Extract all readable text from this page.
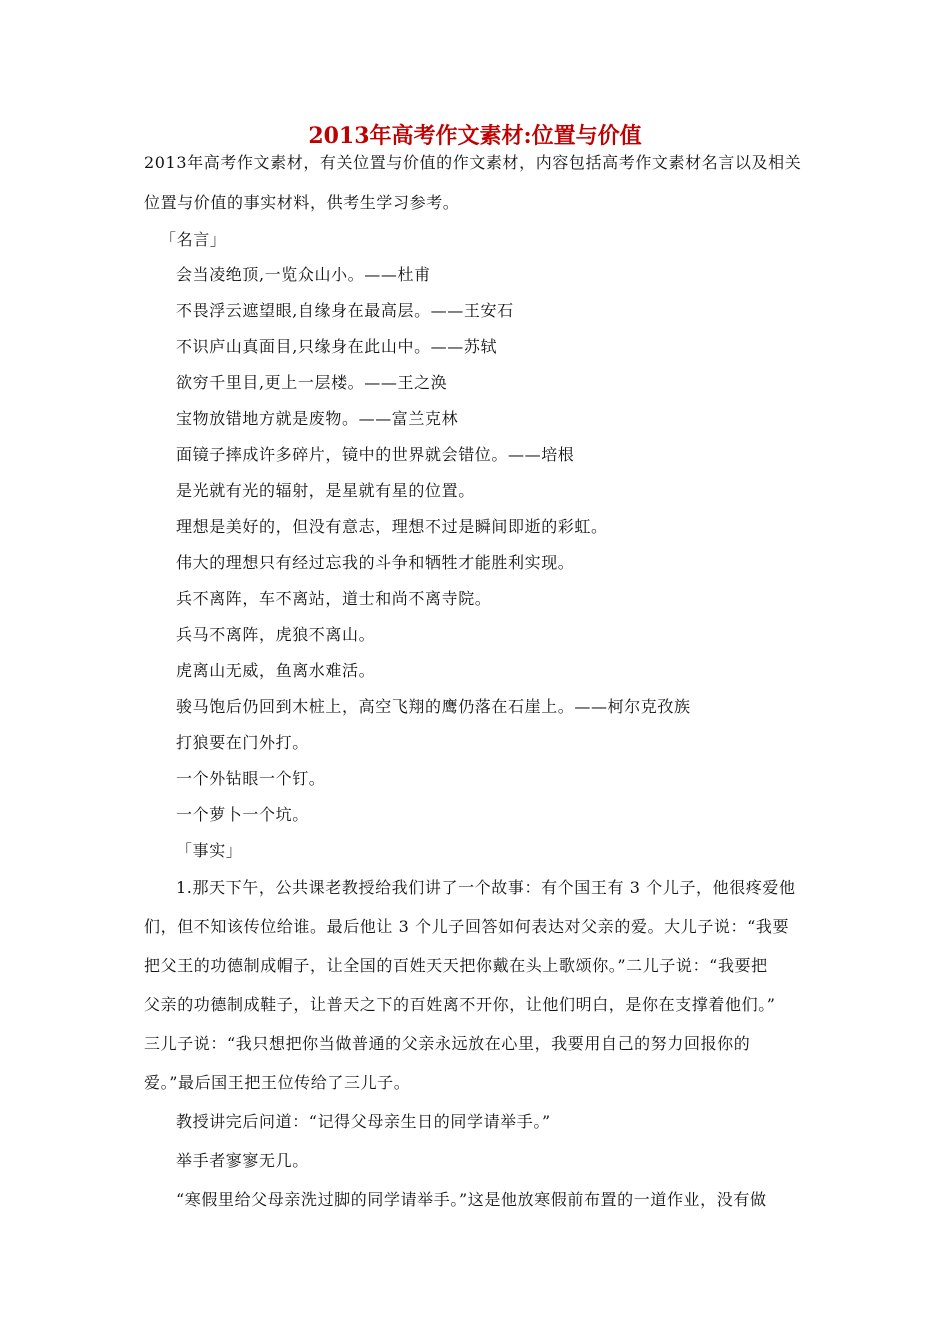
2013年高考作文素材:位置与价值
2013年高考作文素材，有关位置与价值的作文素材，内容包括高考作文素材名言以及相关
位置与价值的事实材料，供考生学习参考。
「名言」
会当凌绝顶,一览众山小。——杜甫
不畏浮云遮望眼,自缘身在最高层。——王安石
不识庐山真面目,只缘身在此山中。——苏轼
欲穷千里目,更上一层楼。——王之涣
宝物放错地方就是废物。——富兰克林
面镜子摔成许多碎片，镜中的世界就会错位。——培根
是光就有光的辐射，是星就有星的位置。
理想是美好的，但没有意志，理想不过是瞬间即逝的彩虹。
伟大的理想只有经过忘我的斗争和牺牲才能胜利实现。
兵不离阵，车不离站，道士和尚不离寺院。
兵马不离阵，虎狼不离山。
虎离山无威，鱼离水难活。
骏马饱后仍回到木桩上，高空飞翔的鹰仍落在石崖上。——柯尔克孜族
打狼要在门外打。
一个外钻眼一个钉。
一个萝卜一个坑。
「事实」
1.那天下午，公共课老教授给我们讲了一个故事：有个国王有 3 个儿子，他很疼爱他
们，但不知该传位给谁。最后他让 3 个儿子回答如何表达对父亲的爱。大儿子说：“我要
把父王的功德制成帽子，让全国的百姓天天把你戴在头上歌颂你。”二儿子说：“我要把
父亲的功德制成鞋子，让普天之下的百姓离不开你，让他们明白，是你在支撑着他们。”
三儿子说：“我只想把你当做普通的父亲永远放在心里，我要用自己的努力回报你的
爱。”最后国王把王位传给了三儿子。
教授讲完后问道：“记得父母亲生日的同学请举手。”
举手者寥寥无几。
“寒假里给父母亲洗过脚的同学请举手。”这是他放寒假前布置的一道作业，没有做
